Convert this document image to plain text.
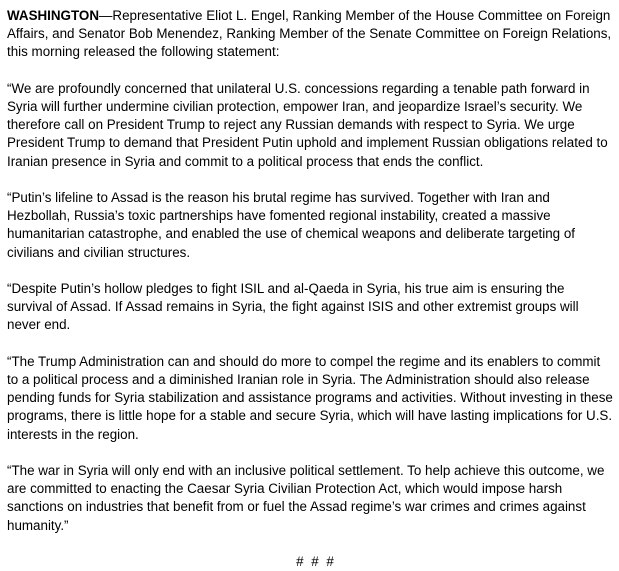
WASHINGTON—Representative Eliot L. Engel, Ranking Member of the House Committee on Foreign Affairs, and Senator Bob Menendez, Ranking Member of the Senate Committee on Foreign Relations, this morning released the following statement:

“We are profoundly concerned that unilateral U.S. concessions regarding a tenable path forward in Syria will further undermine civilian protection, empower Iran, and jeopardize Israel’s security. We therefore call on President Trump to reject any Russian demands with respect to Syria. We urge President Trump to demand that President Putin uphold and implement Russian obligations related to Iranian presence in Syria and commit to a political process that ends the conflict.

“Putin’s lifeline to Assad is the reason his brutal regime has survived. Together with Iran and Hezbollah, Russia’s toxic partnerships have fomented regional instability, created a massive humanitarian catastrophe, and enabled the use of chemical weapons and deliberate targeting of civilians and civilian structures.

“Despite Putin’s hollow pledges to fight ISIL and al-Qaeda in Syria, his true aim is ensuring the survival of Assad. If Assad remains in Syria, the fight against ISIS and other extremist groups will never end.

“The Trump Administration can and should do more to compel the regime and its enablers to commit to a political process and a diminished Iranian role in Syria. The Administration should also release pending funds for Syria stabilization and assistance programs and activities. Without investing in these programs, there is little hope for a stable and secure Syria, which will have lasting implications for U.S. interests in the region.

“The war in Syria will only end with an inclusive political settlement. To help achieve this outcome, we are committed to enacting the Caesar Syria Civilian Protection Act, which would impose harsh sanctions on industries that benefit from or fuel the Assad regime’s war crimes and crimes against humanity.”

# # #
